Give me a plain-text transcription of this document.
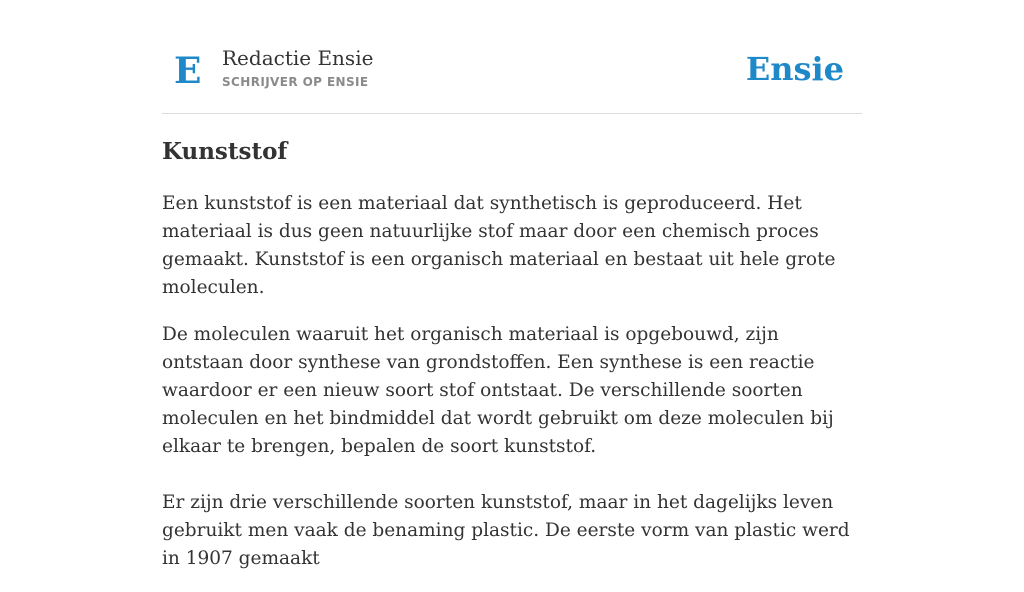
E Redactie Ensie
SCHRIJVER OP ENSIE	Ensie
Kunststof

Een kunststof is een materiaal dat synthetisch is geproduceerd. Het materiaal is dus geen natuurlijke stof maar door een chemisch proces gemaakt. Kunststof is een organisch materiaal en bestaat uit hele grote moleculen.

De moleculen waaruit het organisch materiaal is opgebouwd, zijn ontstaan door synthese van grondstoffen. Een synthese is een reactie waardoor er een nieuw soort stof ontstaat. De verschillende soorten moleculen en het bindmiddel dat wordt gebruikt om deze moleculen bij elkaar te brengen, bepalen de soort kunststof.

Er zijn drie verschillende soorten kunststof, maar in het dagelijks leven gebruikt men vaak de benaming plastic. De eerste vorm van plastic werd in 1907 gemaakt
